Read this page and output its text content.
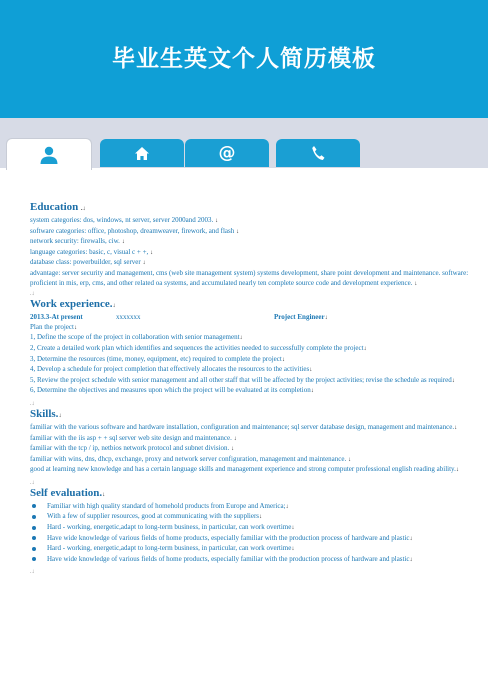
毕业生英文个人简历模板
@

Education .↓

system categories: dos, windows, nt server, server 2000and 2003. ↓

software categories: office, photoshop, dreamweaver, firework, and flash ↓

network security: firewalls, ciw. ↓

language categories: basic, c, visual c + +, ↓

database class: powerbuilder, sql server ↓

advantage: server security and management, cms (web site management system) systems development, share point development and maintenance. software: proficient in mis, erp, cms, and other related oa systems, and accumulated nearly ten complete source code and development experience. ↓

.↓

Work experience.↓

2013.3-At present	xxxxxxx	Project Engineer↓

Plan the project↓

1, Define the scope of the project in collaboration with senior management↓

2, Create a detailed work plan which identifies and sequences the activities needed to successfully complete the project↓

3, Determine the resources (time, money, equipment, etc) required to complete the project↓

4, Develop a schedule for project completion that effectively allocates the resources to the activities↓

5, Review the project schedule with senior management and all other staff that will be affected by the project activities; revise the schedule as required↓

6, Determine the objectives and measures upon which the project will be evaluated at its completion↓

.↓

Skills.↓

familiar with the various software and hardware installation, configuration and maintenance; sql server database design, management and maintenance.↓

familiar with the iis asp + + sql server web site design and maintenance. ↓

familiar with the tcp / ip, netbios network protocol and subnet division. ↓

familiar with wins, dns, dhcp, exchange, proxy and network server configuration, management and maintenance. ↓

good at learning new knowledge and has a certain language skills and management experience and strong computer professional english reading ability.↓

.↓

Self evaluation.↓

Familiar with high quality standard of homehold products from Europe and America;↓
With a few of supplier resources, good at communicating with the suppliers↓
Hard - working, energetic,adapt to long-term business, in particular, can work overtime↓
Have wide knowledge of various fields of home products, especially familiar with the production process of hardware and plastic↓
Hard - working, energetic,adapt to long-term business, in particular, can work overtime↓
Have wide knowledge of various fields of home products, especially familiar with the production process of hardware and plastic↓

.↓
